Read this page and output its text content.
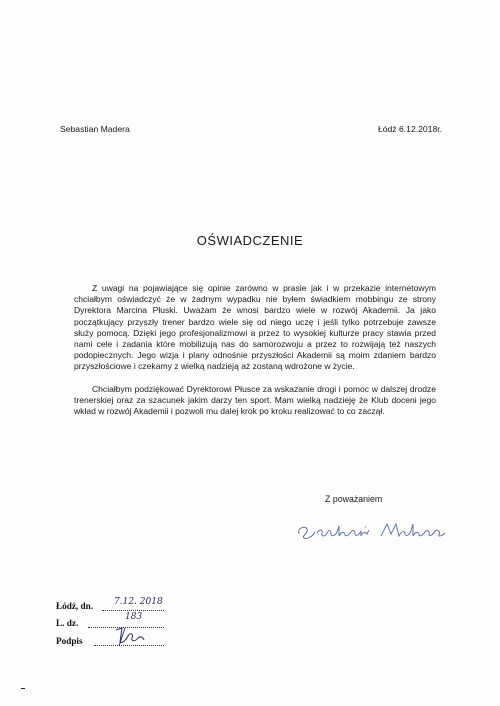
Sebastian Madera	Łódź 6.12.2018r.
OŚWIADCZENIE

Z uwagi na pojawiające się opinie zarówno w prasie jak i w przekazie internetowym chciałbym oświadczyć że w żadnym wypadku nie byłem świadkiem mobbingu ze strony Dyrektora Marcina Płuski. Uważam że wnosi bardzo wiele w rozwój Akademii. Ja jako początkujący przyszły trener bardzo wiele się od niego uczę i jeśli tylko potrzebuje zawsze służy pomocą. Dzięki jego profesjonalizmowi a przez to wysokiej kulturze pracy stawia przed nami cele i zadania które mobilizują nas do samorozwoju a przez to rozwijają też naszych podopiecznych. Jego wizja i plany odnośnie przyszłości Akademii są moim zdaniem bardzo przyszłościowe i czekamy z wielką nadzieją aż zostaną wdrożone w życie.

Chciałbym podziękować Dyrektorowi Płusce za wskazanie drogi i pomoc w dalszej drodze trenerskiej oraz za szacunek jakim darzy ten sport. Mam wielką nadzieję że Klub doceni jego wkład w rozwój Akademii i pozwoli mu dalej krok po kroku realizować to co zaczął.

Z poważaniem
Łódź, dn. 7.12. 2018
L. dz.
183
Podpis
